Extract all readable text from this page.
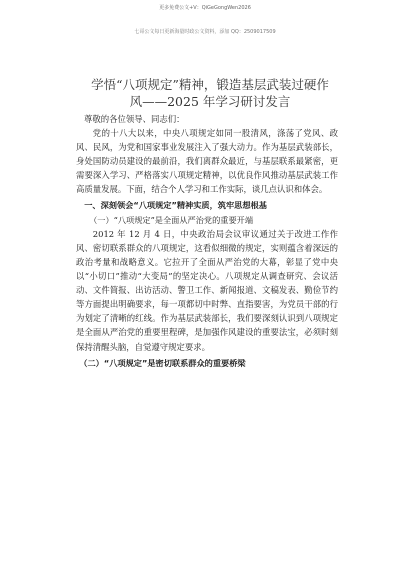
更多免费公文+V：QiGeGongWen2026
七哥公文每日更新海量时政公文资料，添加 QQ：2509017509
学悟“八项规定”精神，锻造基层武装过硬作
风——2025 年学习研讨发言

尊敬的各位领导、同志们：

党的十八大以来，中央八项规定如同一股清风，涤荡了党风、政风、民风，为党和国家事业发展注入了强大动力。作为基层武装部长，身处国防动员建设的最前沿，我们离群众最近，与基层联系最紧密，更需要深入学习、严格落实八项规定精神，以优良作风推动基层武装工作高质量发展。下面，结合个人学习和工作实际，谈几点认识和体会。

一、深刻领会“八项规定”精神实质，筑牢思想根基

（一）“八项规定”是全面从严治党的重要开端

2012 年 12 月 4 日，中央政治局会议审议通过关于改进工作作风、密切联系群众的八项规定，这看似细微的规定，实则蕴含着深远的政治考量和战略意义。它拉开了全面从严治党的大幕，彰显了党中央以“小切口”推动“大变局”的坚定决心。八项规定从调查研究、会议活动、文件简报、出访活动、警卫工作、新闻报道、文稿发表、勤俭节约等方面提出明确要求，每一项都切中时弊、直指要害，为党员干部的行为划定了清晰的红线。作为基层武装部长，我们要深刻认识到八项规定是全面从严治党的重要里程碑，是加强作风建设的重要法宝，必须时刻保持清醒头脑，自觉遵守规定要求。

（二）“八项规定”是密切联系群众的重要桥梁
